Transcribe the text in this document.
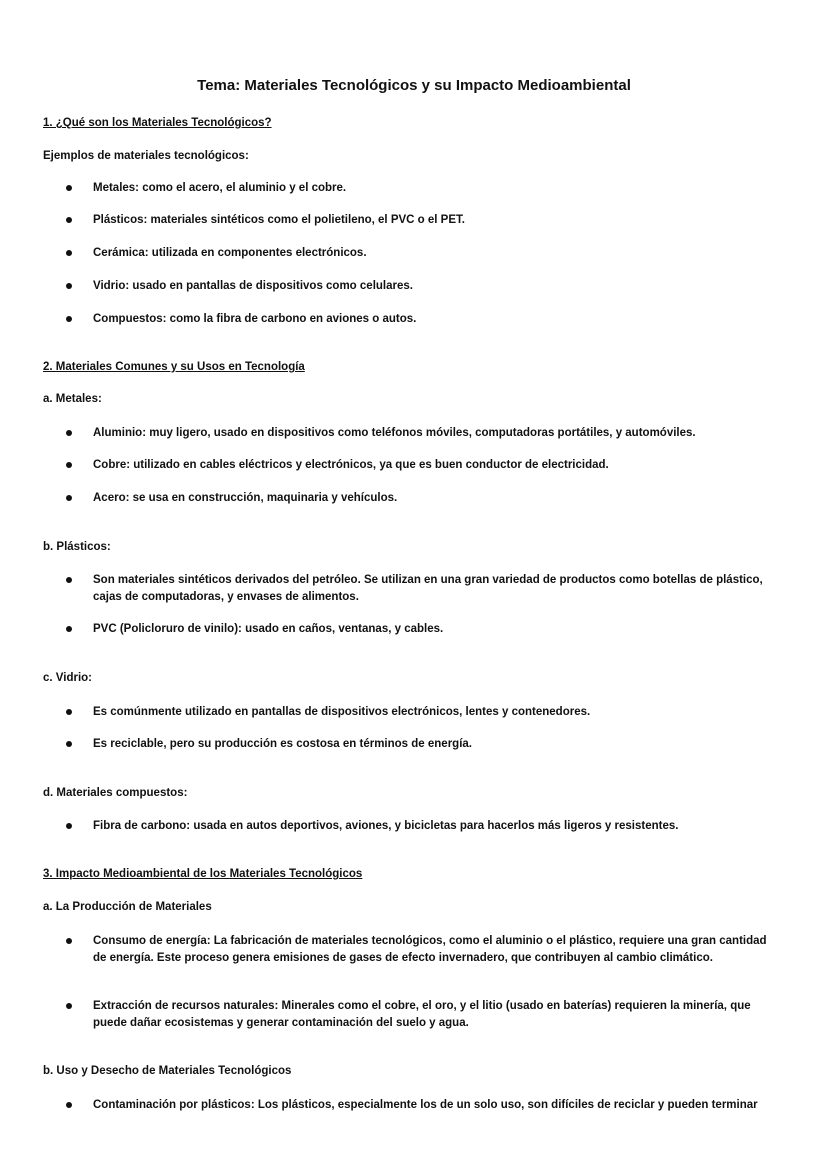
Tema: Materiales Tecnológicos y su Impacto Medioambiental
1. ¿Qué son los Materiales Tecnológicos?
Ejemplos de materiales tecnológicos:
Metales: como el acero, el aluminio y el cobre.
Plásticos: materiales sintéticos como el polietileno, el PVC o el PET.
Cerámica: utilizada en componentes electrónicos.
Vidrio: usado en pantallas de dispositivos como celulares.
Compuestos: como la fibra de carbono en aviones o autos.
2. Materiales Comunes y su Usos en Tecnología
a. Metales:
Aluminio: muy ligero, usado en dispositivos como teléfonos móviles, computadoras portátiles, y automóviles.
Cobre: utilizado en cables eléctricos y electrónicos, ya que es buen conductor de electricidad.
Acero: se usa en construcción, maquinaria y vehículos.
b. Plásticos:
Son materiales sintéticos derivados del petróleo. Se utilizan en una gran variedad de productos como botellas de plástico, cajas de computadoras, y envases de alimentos.
PVC (Policloruro de vinilo): usado en caños, ventanas, y cables.
c. Vidrio:
Es comúnmente utilizado en pantallas de dispositivos electrónicos, lentes y contenedores.
Es reciclable, pero su producción es costosa en términos de energía.
d. Materiales compuestos:
Fibra de carbono: usada en autos deportivos, aviones, y bicicletas para hacerlos más ligeros y resistentes.
3. Impacto Medioambiental de los Materiales Tecnológicos
a. La Producción de Materiales
Consumo de energía: La fabricación de materiales tecnológicos, como el aluminio o el plástico, requiere una gran cantidad de energía. Este proceso genera emisiones de gases de efecto invernadero, que contribuyen al cambio climático.
Extracción de recursos naturales: Minerales como el cobre, el oro, y el litio (usado en baterías) requieren la minería, que puede dañar ecosistemas y generar contaminación del suelo y agua.
b. Uso y Desecho de Materiales Tecnológicos
Contaminación por plásticos: Los plásticos, especialmente los de un solo uso, son difíciles de reciclar y pueden terminar
